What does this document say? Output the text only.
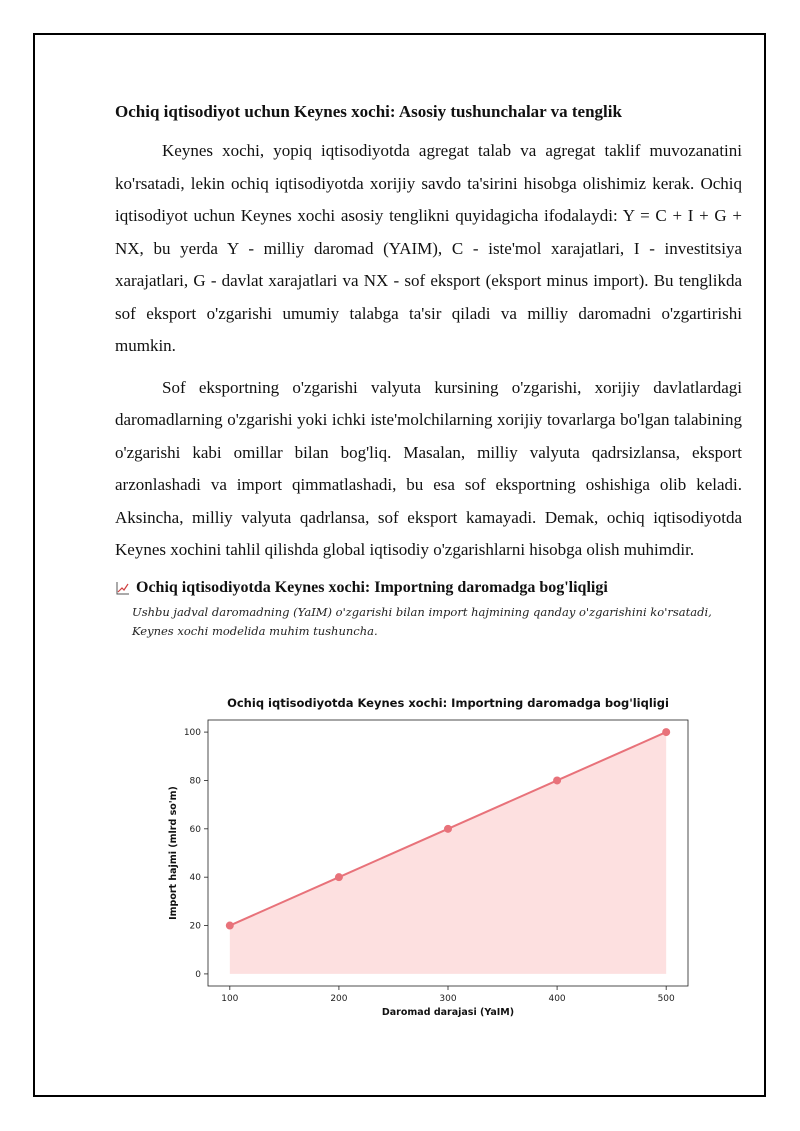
Ochiq iqtisodiyot uchun Keynes xochi: Asosiy tushunchalar va tenglik

Keynes xochi, yopiq iqtisodiyotda agregat talab va agregat taklif muvozanatini ko'rsatadi, lekin ochiq iqtisodiyotda xorijiy savdo ta'sirini hisobga olishimiz kerak. Ochiq iqtisodiyot uchun Keynes xochi asosiy tenglikni quyidagicha ifodalaydi: Y = C + I + G + NX, bu yerda Y - milliy daromad (YAIM), C - iste'mol xarajatlari, I - investitsiya xarajatlari, G - davlat xarajatlari va NX - sof eksport (eksport minus import). Bu tenglikda sof eksport o'zgarishi umumiy talabga ta'sir qiladi va milliy daromadni o'zgartirishi mumkin.

Sof eksportning o'zgarishi valyuta kursining o'zgarishi, xorijiy davlatlardagi daromadlarning o'zgarishi yoki ichki iste'molchilarning xorijiy tovarlarga bo'lgan talabining o'zgarishi kabi omillar bilan bog'liq. Masalan, milliy valyuta qadrsizlansa, eksport arzonlashadi va import qimmatlashadi, bu esa sof eksportning oshishiga olib keladi. Aksincha, milliy valyuta qadrlansa, sof eksport kamayadi. Demak, ochiq iqtisodiyotda Keynes xochini tahlil qilishda global iqtisodiy o'zgarishlarni hisobga olish muhimdir.

Ochiq iqtisodiyotda Keynes xochi: Importning daromadga bog'liqligi
Ushbu jadval daromadning (YaIM) o'zgarishi bilan import hajmining qanday o'zgarishini ko'rsatadi, Keynes xochi modelida muhim tushuncha.
Ochiq iqtisodiyotda Keynes xochi: Importning daromadga bog'liqligi
100	200	300	400	500
0
20
40
60
80
100
Daromad darajasi (YaIM)
Import hajmi (mlrd so'm)
